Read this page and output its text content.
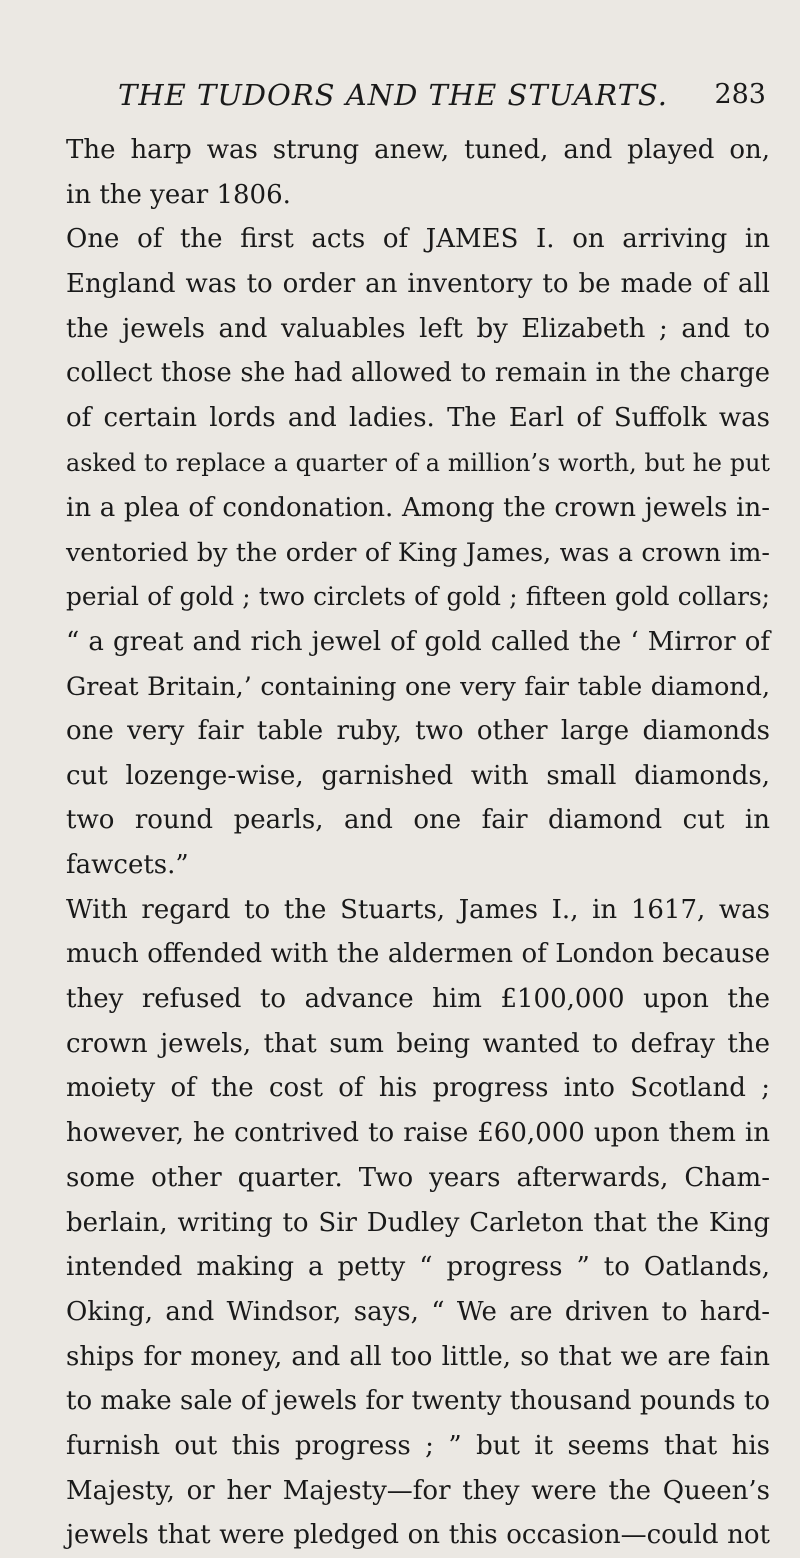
THE TUDORS AND THE STUARTS. 283
The harp was strung anew, tuned, and played on,
in the year 1806.
One of the first acts of JAMES I. on arriving in
England was to order an inventory to be made of all
the jewels and valuables left by Elizabeth ; and to
collect those she had allowed to remain in the charge
of certain lords and ladies. The Earl of Suffolk was
asked to replace a quarter of a million’s worth, but he put
in a plea of condonation. Among the crown jewels in-
ventoried by the order of King James, was a crown im-
perial of gold ; two circlets of gold ; fifteen gold collars;
“ a great and rich jewel of gold called the ‘ Mirror of
Great Britain,’ containing one very fair table diamond,
one very fair table ruby, two other large diamonds
cut lozenge-wise, garnished with small diamonds,
two round pearls, and one fair diamond cut in
fawcets.”
With regard to the Stuarts, James I., in 1617, was
much offended with the aldermen of London because
they refused to advance him £100,000 upon the
crown jewels, that sum being wanted to defray the
moiety of the cost of his progress into Scotland ;
however, he contrived to raise £60,000 upon them in
some other quarter. Two years afterwards, Cham-
berlain, writing to Sir Dudley Carleton that the King
intended making a petty “ progress ” to Oatlands,
Oking, and Windsor, says, “ We are driven to hard-
ships for money, and all too little, so that we are fain
to make sale of jewels for twenty thousand pounds to
furnish out this progress ; ” but it seems that his
Majesty, or her Majesty—for they were the Queen’s
jewels that were pledged on this occasion—could not
